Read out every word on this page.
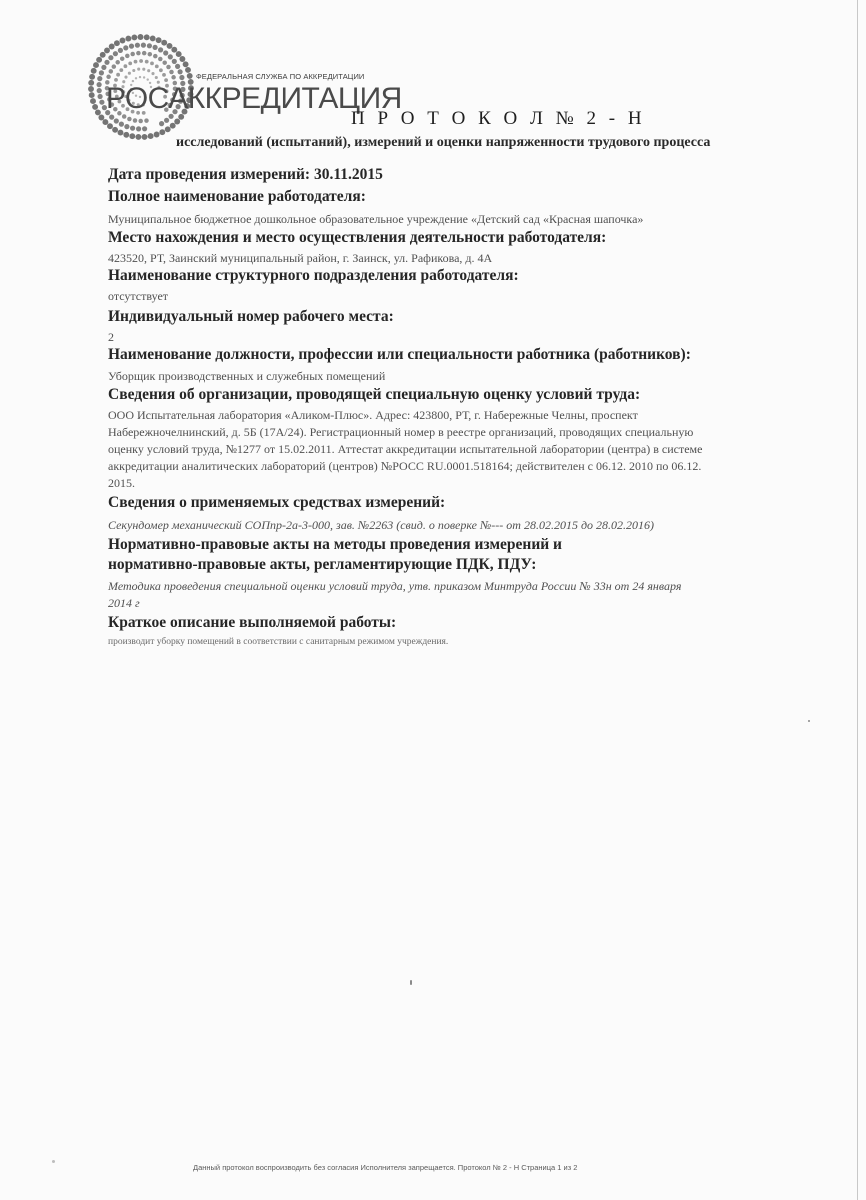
ФЕДЕРАЛЬНАЯ СЛУЖБА ПО АККРЕДИТАЦИИ
РОСАККРЕДИТАЦИЯ
П Р О Т О К О Л № 2 - Н
исследований (испытаний), измерений и оценки напряженности трудового процесса
Дата проведения измерений: 30.11.2015
Полное наименование работодателя:
Муниципальное бюджетное дошкольное образовательное учреждение «Детский сад «Красная шапочка»
Место нахождения и место осуществления деятельности работодателя:
423520, РТ, Заинский муниципальный район, г. Заинск, ул. Рафикова, д. 4А
Наименование структурного подразделения работодателя:
отсутствует
Индивидуальный номер рабочего места:
2
Наименование должности, профессии или специальности работника (работников):
Уборщик производственных и служебных помещений
Сведения об организации, проводящей специальную оценку условий труда:
ООО Испытательная лаборатория «Аликом-Плюс». Адрес: 423800, РТ, г. Набережные Челны, проспект
Набережночелнинский, д. 5Б (17А/24). Регистрационный номер в реестре организаций, проводящих специальную
оценку условий труда, №1277 от 15.02.2011. Аттестат аккредитации испытательной лаборатории (центра) в системе
аккредитации аналитических лабораторий (центров) №РОСС RU.0001.518164; действителен с 06.12. 2010 по 06.12.
2015.
Сведения о применяемых средствах измерений:
Секундомер механический СОПпр-2а-3-000, зав. №2263 (свид. о поверке №--- от 28.02.2015 до 28.02.2016)
Нормативно-правовые акты на методы проведения измерений и
нормативно-правовые акты, регламентирующие ПДК, ПДУ:
Методика проведения специальной оценки условий труда, утв. приказом Минтруда России № 33н от 24 января
2014 г
Краткое описание выполняемой работы:
производит уборку помещений в соответствии с санитарным режимом учреждения.
Данный протокол воспроизводить без согласия Исполнителя запрещается. Протокол № 2 - Н Страница 1 из 2
